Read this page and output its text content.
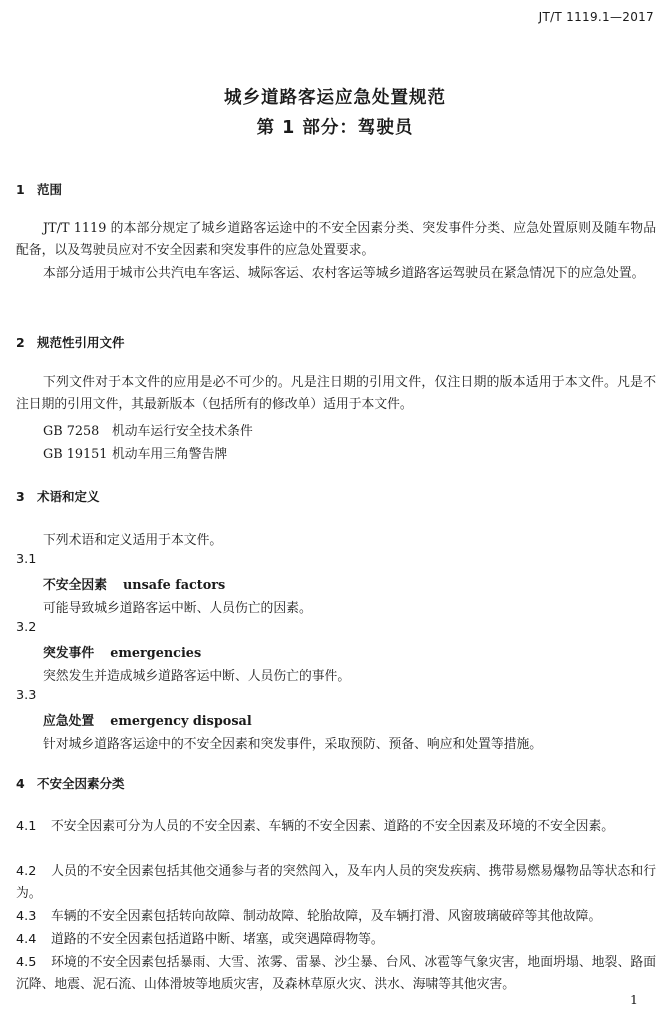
JT/T 1119.1—2017
城乡道路客运应急处置规范
第 1 部分：驾驶员
1 范围
JT/T 1119 的本部分规定了城乡道路客运途中的不安全因素分类、突发事件分类、应急处置原则及随车物品配备，以及驾驶员应对不安全因素和突发事件的应急处置要求。
本部分适用于城市公共汽电车客运、城际客运、农村客运等城乡道路客运驾驶员在紧急情况下的应急处置。
2 规范性引用文件
下列文件对于本文件的应用是必不可少的。凡是注日期的引用文件，仅注日期的版本适用于本文件。凡是不注日期的引用文件，其最新版本（包括所有的修改单）适用于本文件。
GB 7258 机动车运行安全技术条件
GB 19151 机动车用三角警告牌
3 术语和定义
下列术语和定义适用于本文件。
3.1
不安全因素 unsafe factors
可能导致城乡道路客运中断、人员伤亡的因素。
3.2
突发事件 emergencies
突然发生并造成城乡道路客运中断、人员伤亡的事件。
3.3
应急处置 emergency disposal
针对城乡道路客运途中的不安全因素和突发事件，采取预防、预备、响应和处置等措施。
4 不安全因素分类
4.1 不安全因素可分为人员的不安全因素、车辆的不安全因素、道路的不安全因素及环境的不安全因素。
4.2 人员的不安全因素包括其他交通参与者的突然闯入，及车内人员的突发疾病、携带易燃易爆物品等状态和行为。
4.3 车辆的不安全因素包括转向故障、制动故障、轮胎故障，及车辆打滑、风窗玻璃破碎等其他故障。
4.4 道路的不安全因素包括道路中断、堵塞，或突遇障碍物等。
4.5 环境的不安全因素包括暴雨、大雪、浓雾、雷暴、沙尘暴、台风、冰雹等气象灾害，地面坍塌、地裂、路面沉降、地震、泥石流、山体滑坡等地质灾害，及森林草原火灾、洪水、海啸等其他灾害。
1
